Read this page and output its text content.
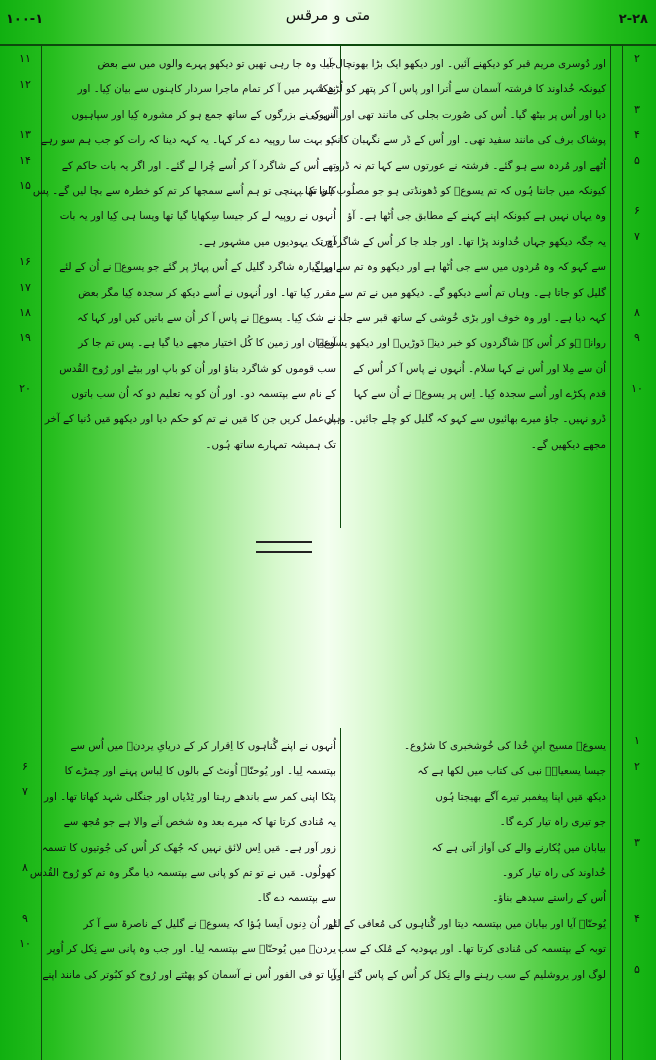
متی و مرقس
۱۰۰-۱	۲-۲۸
اور دُوسری مریم قبر کو دیکھنے آئیں۔ اور دیکھو ایک بڑا بھونچال آیا
کیونکہ خُداوند کا فرشتہ آسمان سے اُترا اور پاس آ کر پتھر کو لُڑھکا
دیا اور اُس پر بیٹھ گیا۔ اُس کی صُورت بجلی کی مانند تھی اور اُس کی
پوشاک برف کی مانند سفید تھی۔ اور اُس کے ڈر سے نگہبان کانپ
اُٹھے اور مُردہ سے ہو گئے۔ فرشتہ نے عورتوں سے کہا تم نہ ڈرو
کیونکہ میں جانتا ہُوں کہ تم یسوعؔ کو ڈھونڈتی ہو جو مصلُوب ہُوا تھا۔
وہ یہاں نہیں ہے کیونکہ اپنے کہنے کے مطابق جی اُٹھا ہے۔ آؤ
یہ جگہ دیکھو جہاں خُداوند پڑا تھا۔ اور جلد جا کر اُس کے شاگردوں
سے کہو کہ وہ مُردوں میں سے جی اُٹھا ہے اور دیکھو وہ تم سے پہلے
گلیل کو جاتا ہے۔ وہاں تم اُسے دیکھو گے۔ دیکھو میں نے تم سے
کہہ دیا ہے۔ اور وہ خوف اور بڑی خُوشی کے ساتھ قبر سے جلد
روانہ ہو کر اُس کے شاگردوں کو خبر دینے دَوڑیں۔ اور دیکھو یسوعؔ
اُن سے مِلا اور اُس نے کہا سلام۔ اُنہوں نے پاس آ کر اُس کے
قدم پکڑے اور اُسے سجدہ کِیا۔ اِس پر یسوعؔ نے اُن سے کہا
ڈرو نہیں۔ جاؤ میرے بھائیوں سے کہو کہ گلیل کو چلے جائیں۔ وہاں
مجھے دیکھیں گے۔
۲
۳
۴
۵
۶
۷
۸
۹
۱۰
جب وہ جا رہی تھیں تو دیکھو پہرے والوں میں سے بعض
نے شہر میں آ کر تمام ماجرا سردار کاہنوں سے بیان کِیا۔ اور
اُنہوں نے بزرگوں کے ساتھ جمع ہو کر مشورہ کِیا اور سپاہیوں
کو بہت سا روپیہ دے کر کہا۔ یہ کہہ دینا کہ رات کو جب ہم سو رہے
تھے اُس کے شاگرد آ کر اُسے چُرا لے گئے۔ اور اگر یہ بات حاکم کے
کان تک پہنچی تو ہم اُسے سمجھا کر تم کو خطرہ سے بچا لیں گے۔ پس
اُنہوں نے روپیہ لے کر جیسا سِکھایا گیا تھا ویسا ہی کِیا اور یہ بات
آج تک یہودیوں میں مشہور ہے۔
اور گیارہ شاگرد گلیل کے اُس پہاڑ پر گئے جو یسوعؔ نے اُن کے لئے
مقرر کِیا تھا۔ اور اُنہوں نے اُسے دیکھ کر سجدہ کِیا مگر بعض
نے شک کِیا۔ یسوعؔ نے پاس آ کر اُن سے باتیں کیں اور کہا کہ
آسمان اور زمین کا کُل اختیار مجھے دیا گیا ہے۔ پس تم جا کر
سب قوموں کو شاگرد بناؤ اور اُن کو باپ اور بیٹے اور رُوح القُدس
کے نام سے بپتسمہ دو۔ اور اُن کو یہ تعلیم دو کہ اُن سب باتوں
پر عمل کریں جن کا مَیں نے تم کو حکم دیا اور دیکھو مَیں دُنیا کے آخر
تک ہمیشہ تمہارے ساتھ ہُوں۔
۱۱
۱۲
۱۳
۱۴
۱۵
۱۶
۱۷
۱۸
۱۹
۲۰
یسوعؔ مسیح ابنِ خُدا کی خُوشخبری کا شرُوع۔
جیسا یسعیاہؔ نبی کی کتاب میں لکھا ہے کہ
دیکھ مَیں اپنا پیغمبر تیرے آگے بھیجتا ہُوں
جو تیری راہ تیار کرے گا۔
بیابان میں پُکارنے والے کی آواز آتی ہے کہ
خُداوند کی راہ تیار کرو۔
اُس کے راستے سیدھے بناؤ۔
یُوحنّاؔ آیا اور بیابان میں بپتسمہ دیتا اور گُناہوں کی مُعافی کے لئے
توبہ کے بپتسمہ کی مُنادی کرتا تھا۔ اور یہودیہ کے مُلک کے سب
لوگ اور یروشلیم کے سب رہنے والے نِکل کر اُس کے پاس گئے اور
۱
۲
۳
۴
۵
اُنہوں نے اپنے گُناہوں کا اِقرار کر کے دریایِ یردنؔ میں اُس سے
بپتسمہ لِیا۔ اور یُوحنّاؔ اُونٹ کے بالوں کا لِباس پہنے اور چمڑے کا
پٹکا اپنی کمر سے باندھے رہتا اور ٹِڈیاں اور جنگلی شہد کھاتا تھا۔ اور
یہ مُنادی کرتا تھا کہ میرے بعد وہ شخص آنے والا ہے جو مُجھ سے
زور آور ہے۔ مَیں اِس لائق نہیں کہ جُھک کر اُس کی جُوتیوں کا تسمہ
کھولُوں۔ مَیں نے تو تم کو پانی سے بپتسمہ دیا مگر وہ تم کو رُوح القُدس
سے بپتسمہ دے گا۔
اور اُن دِنوں اَیسا ہُؤا کہ یسوعؔ نے گلیل کے ناصرۃ سے آ کر
یردنؔ میں یُوحنّاؔ سے بپتسمہ لِیا۔ اور جب وہ پانی سے نِکل کر اُوپر
آیا تو فی الفور اُس نے آسمان کو پھٹتے اور رُوح کو کبُوتر کی مانند اپنے
۶
۷
۸
۹
۱۰
